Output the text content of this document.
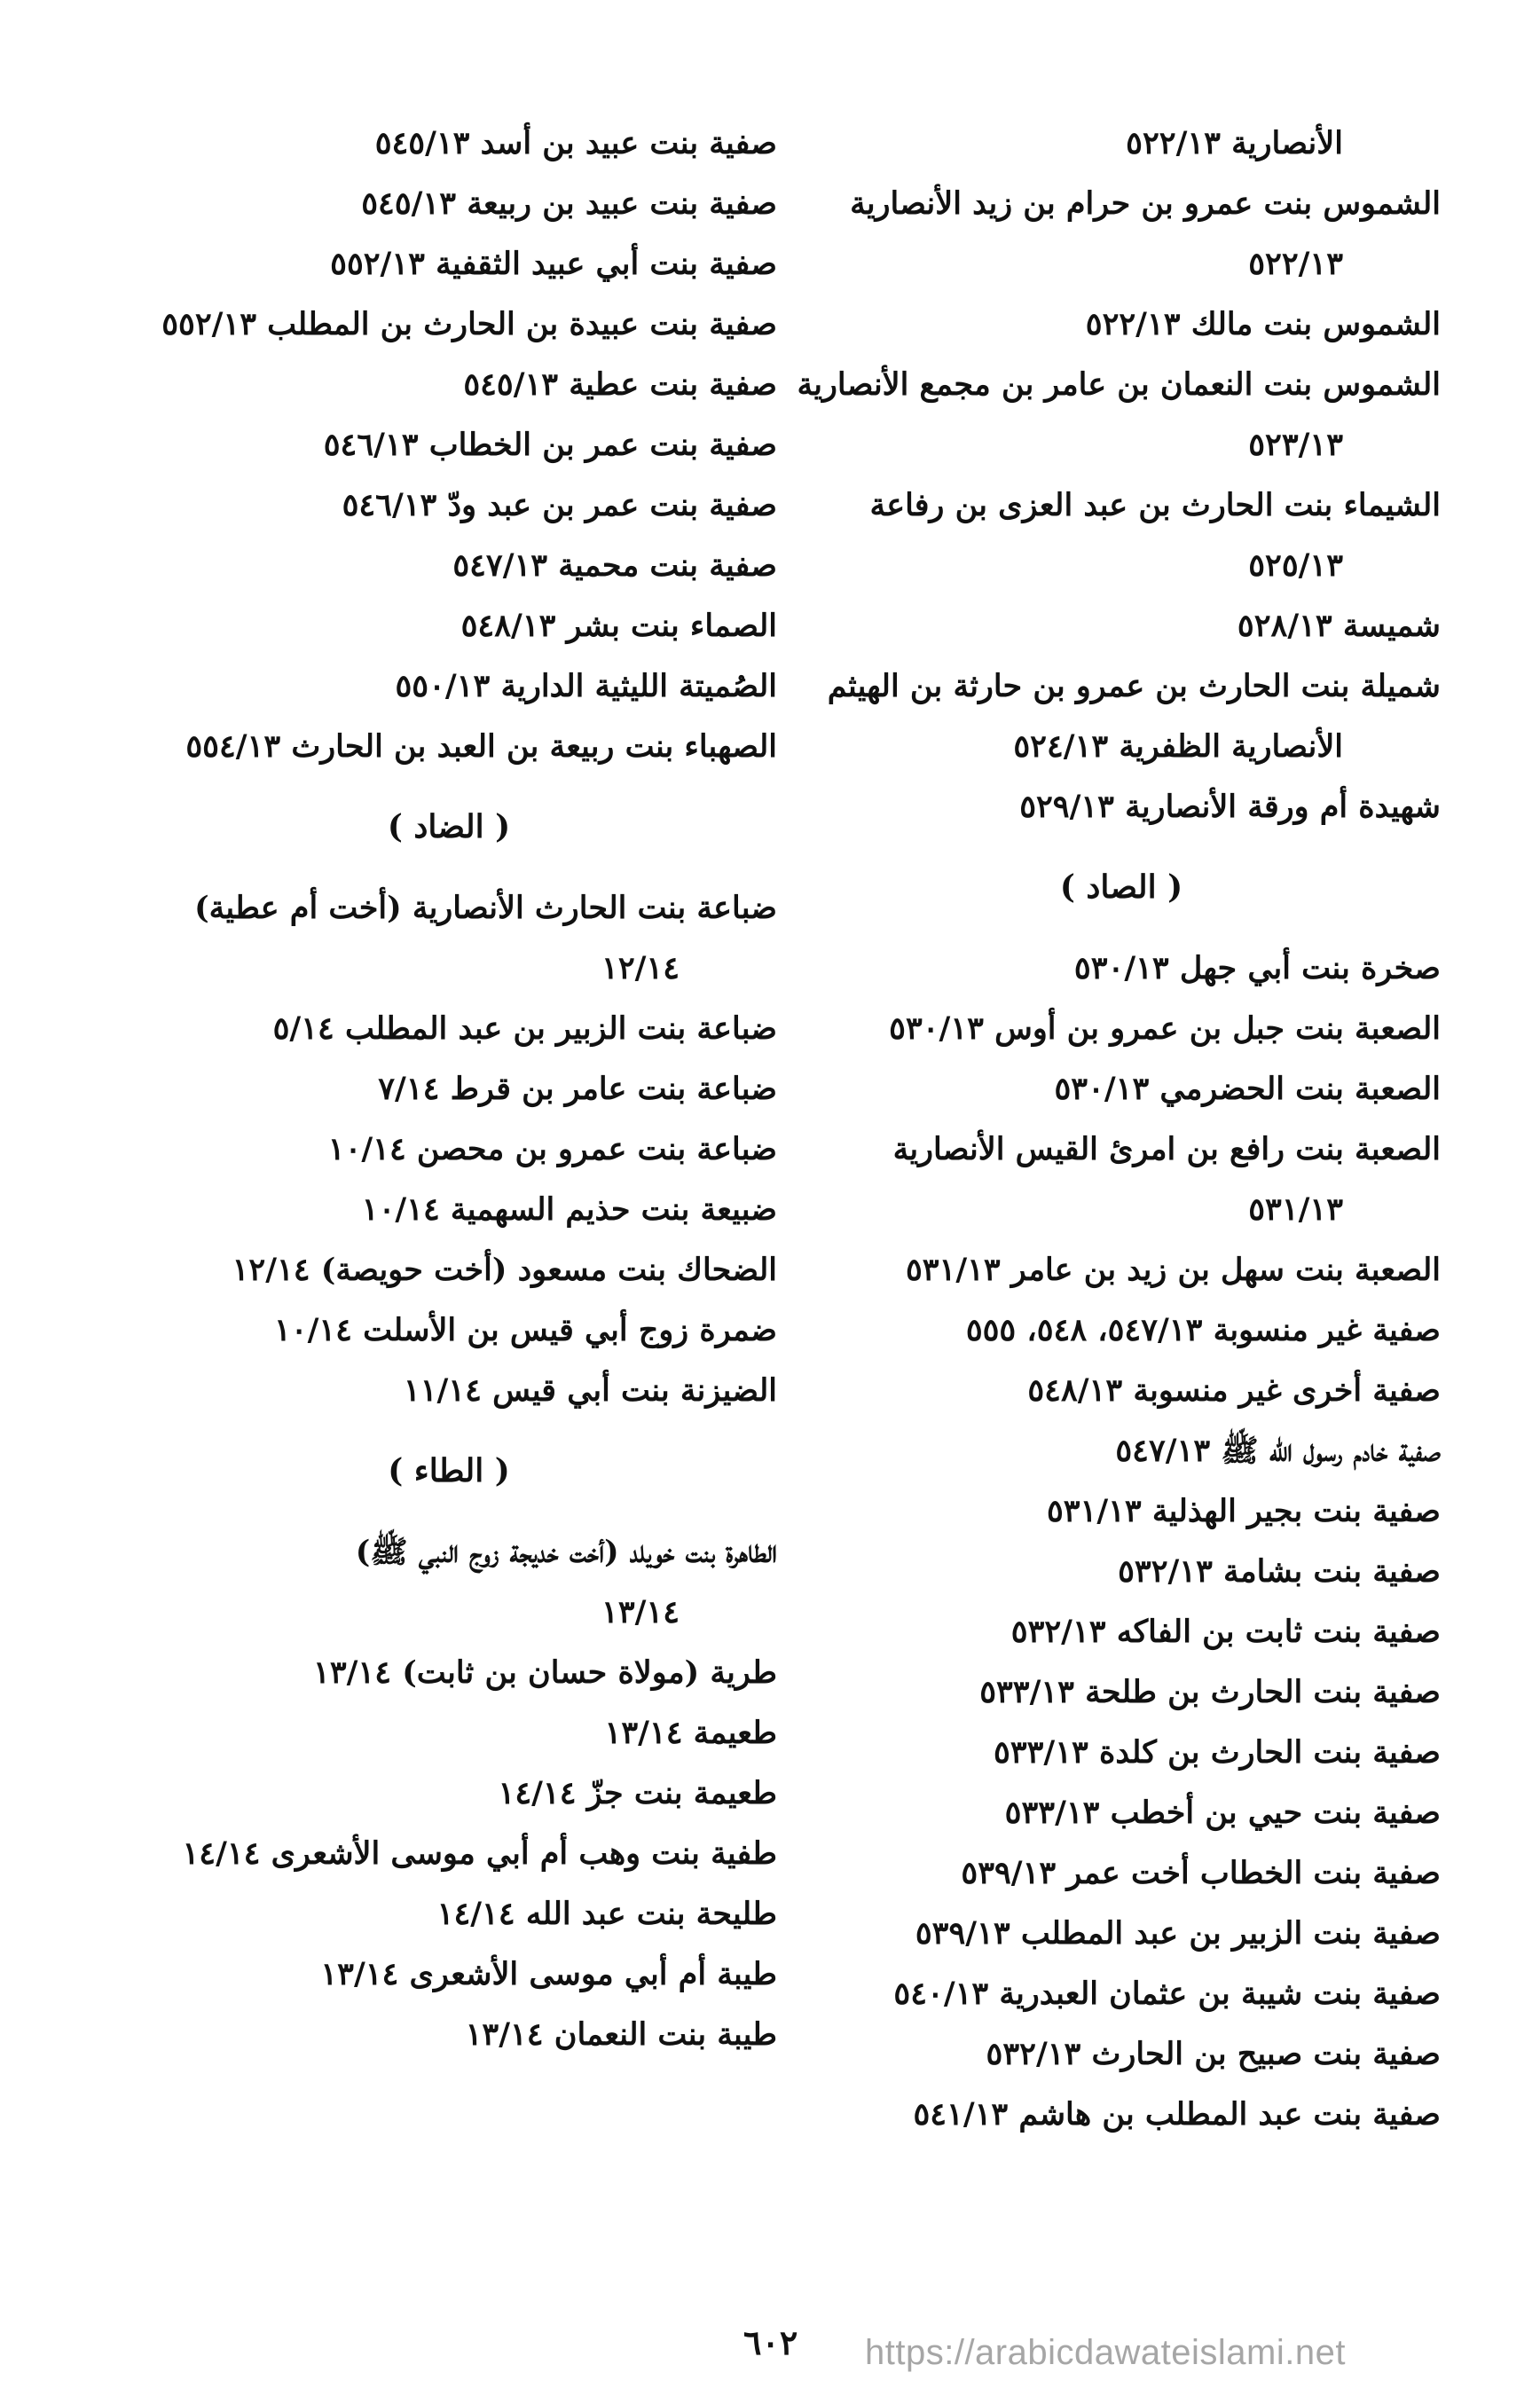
الأنصارية ٥٢٢/١٣
الشموس بنت عمرو بن حرام بن زيد الأنصارية
٥٢٢/١٣
الشموس بنت مالك ٥٢٢/١٣
الشموس بنت النعمان بن عامر بن مجمع الأنصارية
٥٢٣/١٣
الشيماء بنت الحارث بن عبد العزى بن رفاعة
٥٢٥/١٣
شميسة ٥٢٨/١٣
شميلة بنت الحارث بن عمرو بن حارثة بن الهيثم
الأنصارية الظفرية ٥٢٤/١٣
شهيدة أم ورقة الأنصارية ٥٢٩/١٣
( الصاد )
صخرة بنت أبي جهل ٥٣٠/١٣
الصعبة بنت جبل بن عمرو بن أوس ٥٣٠/١٣
الصعبة بنت الحضرمي ٥٣٠/١٣
الصعبة بنت رافع بن امرئ القيس الأنصارية
٥٣١/١٣
الصعبة بنت سهل بن زيد بن عامر ٥٣١/١٣
صفية غير منسوبة ٥٤٧/١٣، ٥٤٨، ٥٥٥
صفية أخرى غير منسوبة ٥٤٨/١٣
صفية خادم رسول الله ﷺ ٥٤٧/١٣
صفية بنت بجير الهذلية ٥٣١/١٣
صفية بنت بشامة ٥٣٢/١٣
صفية بنت ثابت بن الفاكه ٥٣٢/١٣
صفية بنت الحارث بن طلحة ٥٣٣/١٣
صفية بنت الحارث بن كلدة ٥٣٣/١٣
صفية بنت حيي بن أخطب ٥٣٣/١٣
صفية بنت الخطاب أخت عمر ٥٣٩/١٣
صفية بنت الزبير بن عبد المطلب ٥٣٩/١٣
صفية بنت شيبة بن عثمان العبدرية ٥٤٠/١٣
صفية بنت صبيح بن الحارث ٥٣٢/١٣
صفية بنت عبد المطلب بن هاشم ٥٤١/١٣
صفية بنت عبيد بن أسد ٥٤٥/١٣
صفية بنت عبيد بن ربيعة ٥٤٥/١٣
صفية بنت أبي عبيد الثقفية ٥٥٢/١٣
صفية بنت عبيدة بن الحارث بن المطلب ٥٥٢/١٣
صفية بنت عطية ٥٤٥/١٣
صفية بنت عمر بن الخطاب ٥٤٦/١٣
صفية بنت عمر بن عبد ودّ ٥٤٦/١٣
صفية بنت محمية ٥٤٧/١٣
الصماء بنت بشر ٥٤٨/١٣
الصُميتة الليثية الدارية ٥٥٠/١٣
الصهباء بنت ربيعة بن العبد بن الحارث ٥٥٤/١٣
( الضاد )
ضباعة بنت الحارث الأنصارية (أخت أم عطية)
١٢/١٤
ضباعة بنت الزبير بن عبد المطلب ٥/١٤
ضباعة بنت عامر بن قرط ٧/١٤
ضباعة بنت عمرو بن محصن ١٠/١٤
ضبيعة بنت حذيم السهمية ١٠/١٤
الضحاك بنت مسعود (أخت حويصة) ١٢/١٤
ضمرة زوج أبي قيس بن الأسلت ١٠/١٤
الضيزنة بنت أبي قيس ١١/١٤
( الطاء )
الطاهرة بنت خويلد (أخت خديجة زوج النبي ﷺ)
١٣/١٤
طرية (مولاة حسان بن ثابت) ١٣/١٤
طعيمة ١٣/١٤
طعيمة بنت جزّ ١٤/١٤
طفية بنت وهب أم أبي موسى الأشعرى ١٤/١٤
طليحة بنت عبد الله ١٤/١٤
طيبة أم أبي موسى الأشعرى ١٣/١٤
طيبة بنت النعمان ١٣/١٤
٦٠٢ https://arabicdawateislami.net
